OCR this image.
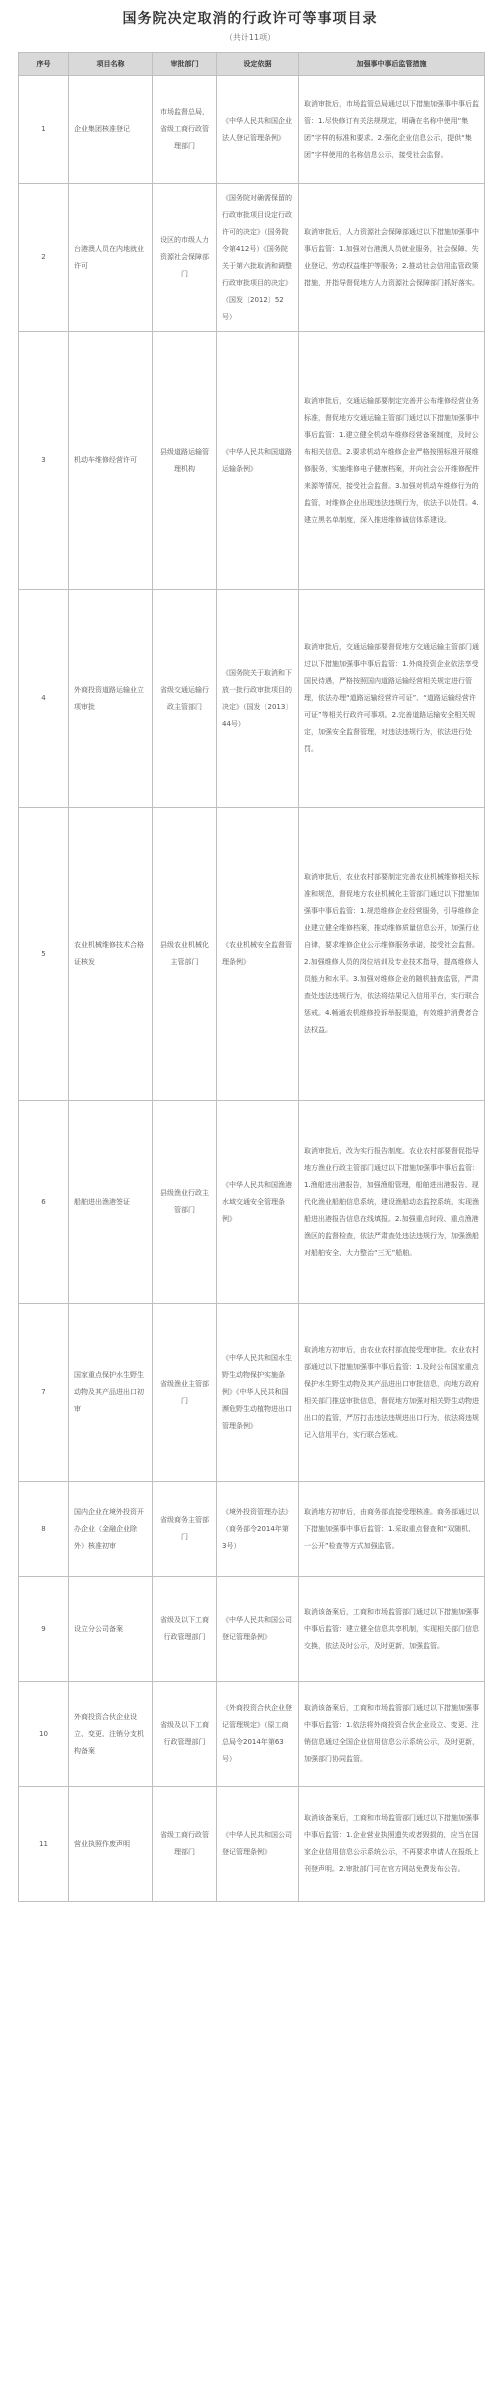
国务院决定取消的行政许可等事项目录
（共计11项）
序号	项目名称	审批部门	设定依据	加强事中事后监管措施
1	企业集团核准登记	市场监督总局，省级工商行政管理部门	《中华人民共和国企业法人登记管理条例》	取消审批后，市场监管总局通过以下措施加强事中事后监管：1.尽快修订有关法规规定，明确在名称中使用“集团”字样的标准和要求。2.强化企业信息公示，提供“集团”字样使用的名称信息公示，接受社会监督。
2	台港澳人员在内地就业许可	设区的市级人力资源社会保障部门	《国务院对确需保留的行政审批项目设定行政许可的决定》（国务院令第412号）《国务院关于第六批取消和调整行政审批项目的决定》（国发〔2012〕52号）	取消审批后，人力资源社会保障部通过以下措施加强事中事后监管：1.加强对台港澳人员就业服务，社会保障、失业登记、劳动权益维护等服务；2.推动社会信用监管政策措施，并指导督促地方人力资源社会保障部门抓好落实。
3	机动车维修经营许可	县级道路运输管理机构	《中华人民共和国道路运输条例》	取消审批后，交通运输部要制定完善并公布维修经营业务标准，督促地方交通运输主管部门通过以下措施加强事中事后监管：1.建立健全机动车维修经营备案制度，及时公布相关信息。2.要求机动车维修企业严格按照标准开展维修服务，实施维修电子健康档案，并向社会公开维修配件来源等情况，接受社会监督。3.加强对机动车维修行为的监管，对维修企业出现违法违规行为，依法予以处罚。4.建立黑名单制度，深入推进维修诚信体系建设。
4	外商投资道路运输业立项审批	省级交通运输行政主管部门	《国务院关于取消和下放一批行政审批项目的决定》（国发〔2013〕44号）	取消审批后，交通运输部要督促地方交通运输主管部门通过以下措施加强事中事后监管：1.外商投资企业依法享受国民待遇，严格按照国内道路运输经营相关规定进行管理，依法办理“道路运输经营许可证”、“道路运输经营许可证”等相关行政许可事项。2.完善道路运输安全相关规定，加强安全监督管理，对违法违规行为，依法进行处罚。
5	农业机械维修技术合格证核发	县级农业机械化主管部门	《农业机械安全监督管理条例》	取消审批后，农业农村部要制定完善农业机械维修相关标准和规范，督促地方农业机械化主管部门通过以下措施加强事中事后监管：1.规范维修企业经营服务，引导维修企业建立健全维修档案，推动维修质量信息公开，加强行业自律，要求维修企业公示维修服务承诺，接受社会监督。2.加强维修人员的岗位培训及专业技术指导，提高维修人员能力和水平。3.加强对维修企业的随机抽查监管，严肃查处违法违规行为，依法将结果记入信用平台，实行联合惩戒。4.畅通农机维修投诉举报渠道，有效维护消费者合法权益。
6	船舶进出渔港签证	县级渔业行政主管部门	《中华人民共和国渔港水域交通安全管理条例》	取消审批后，改为实行报告制度。农业农村部要督促指导地方渔业行政主管部门通过以下措施加强事中事后监管：1.渔船进出港报告，加强渔船管理，船舶进出港报告、现代化渔业船舶信息系统，建设渔船动态监控系统，实现渔船进出港报告信息在线填报。2.加强重点时段、重点渔港渔区的监督检查，依法严肃查处违法违规行为，加强渔船对船舶安全、大力整治“三无”船舶。
7	国家重点保护水生野生动物及其产品进出口初审	省级渔业主管部门	《中华人民共和国水生野生动物保护实施条例》《中华人民共和国濒危野生动植物进出口管理条例》	取消地方初审后，由农业农村部直接受理审批。农业农村部通过以下措施加强事中事后监管：1.及时公布国家重点保护水生野生动物及其产品进出口审批信息，向地方政府相关部门推送审批信息，督促地方加强对相关野生动物进出口的监管，严厉打击违法违规进出口行为，依法将违规记入信用平台，实行联合惩戒。
8	国内企业在境外投资开办企业（金融企业除外）核准初审	省级商务主管部门	《境外投资管理办法》（商务部令2014年第3号）	取消地方初审后，由商务部直接受理核准。商务部通过以下措施加强事中事后监管：1.采取重点督查和“双随机、一公开”检查等方式加强监管。
9	设立分公司备案	省级及以下工商行政管理部门	《中华人民共和国公司登记管理条例》	取消该备案后，工商和市场监管部门通过以下措施加强事中事后监管：建立健全信息共享机制，实现相关部门信息交换，依法及时公示，及时更新，加强监管。
10	外商投资合伙企业设立、变更、注销分支机构备案	省级及以下工商行政管理部门	《外商投资合伙企业登记管理规定》（原工商总局令2014年第63号）	取消该备案后，工商和市场监管部门通过以下措施加强事中事后监管：1.依法将外商投资合伙企业设立、变更、注销信息通过全国企业信用信息公示系统公示，及时更新，加强部门协同监管。
11	营业执照作废声明	省级工商行政管理部门	《中华人民共和国公司登记管理条例》	取消该备案后，工商和市场监管部门通过以下措施加强事中事后监管：1.企业营业执照遗失或者毁损的，应当在国家企业信用信息公示系统公示，不再要求申请人在报纸上刊登声明。2.审批部门可在官方网站免费发布公告。
